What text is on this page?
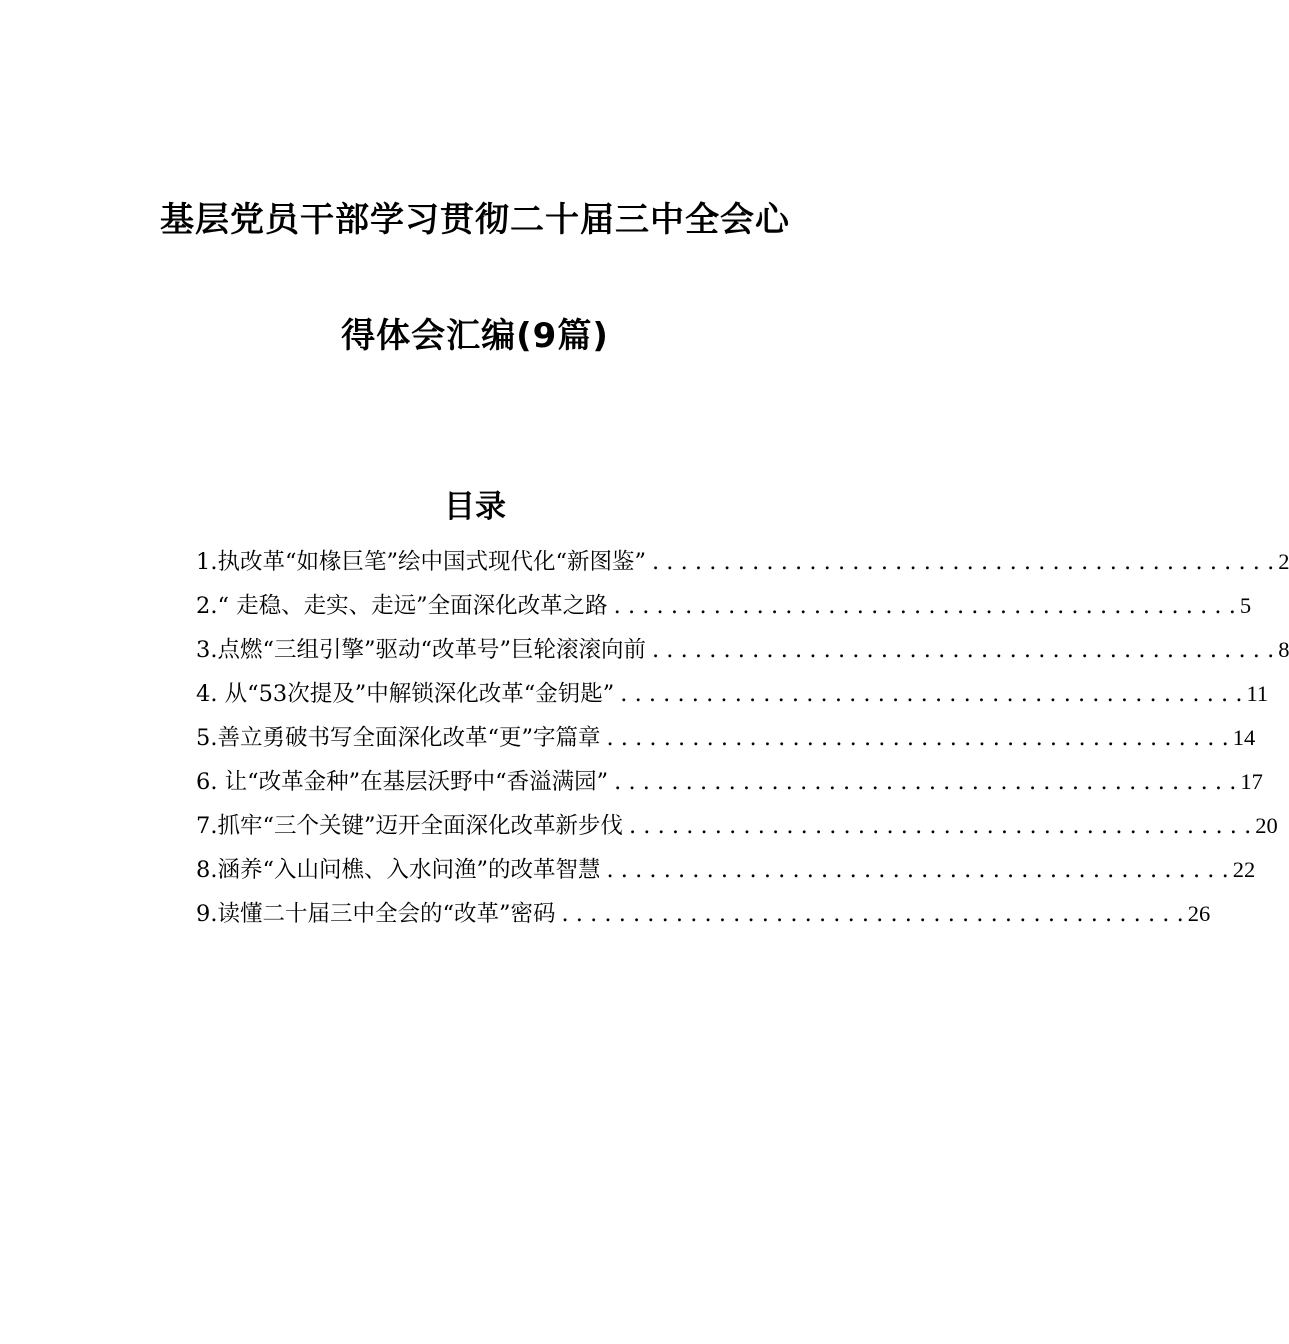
基层党员干部学习贯彻二十届三中全会心
得体会汇编(9篇)
目录
1.执改革“如椽巨笔”绘中国式现代化“新图鉴” . . .	2
2.“ 走稳、走实、走远”全面深化改革之路 . . .	5
3.点燃“三组引擎”驱动“改革号”巨轮滚滚向前 . . .	8
4. 从“53次提及”中解锁深化改革“金钥匙” . . .	11
5.善立勇破书写全面深化改革“更”字篇章 . . .	14
6. 让“改革金种”在基层沃野中“香溢满园” . . .	17
7.抓牢“三个关键”迈开全面深化改革新步伐 . . .	20
8.涵养“入山问樵、入水问渔”的改革智慧 . . .	22
9.读懂二十届三中全会的“改革”密码 . . .	26
